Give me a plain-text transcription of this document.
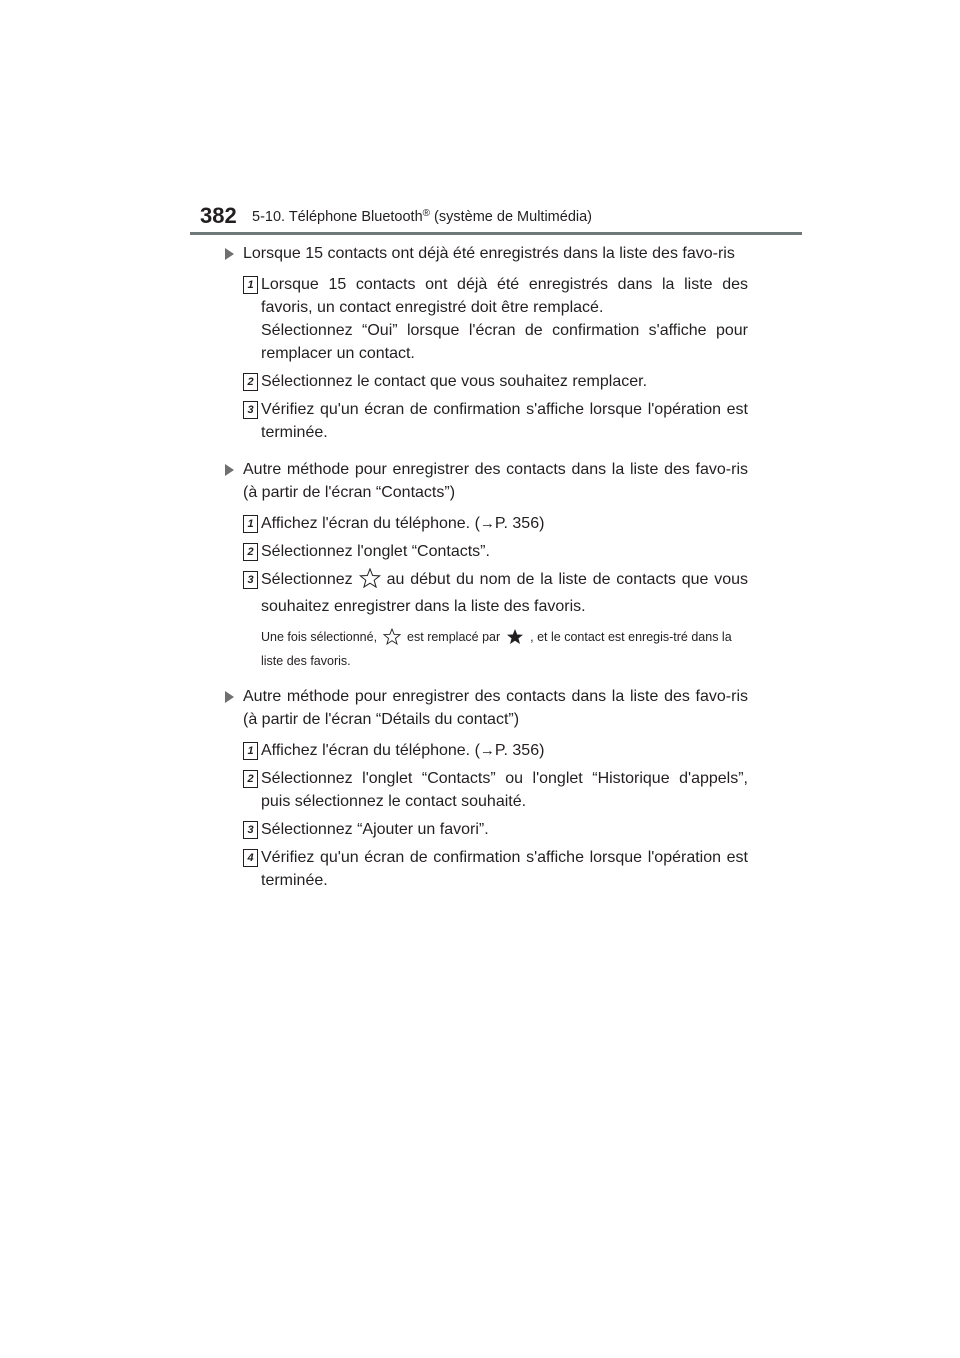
382 5-10. Téléphone Bluetooth® (système de Multimédia)
Lorsque 15 contacts ont déjà été enregistrés dans la liste des favo-ris
1 Lorsque 15 contacts ont déjà été enregistrés dans la liste des favoris, un contact enregistré doit être remplacé.

Sélectionnez “Oui” lorsque l'écran de confirmation s'affiche pour remplacer un contact.

2 Sélectionnez le contact que vous souhaitez remplacer.
3 Vérifiez qu'un écran de confirmation s'affiche lorsque l'opération est terminée.
Autre méthode pour enregistrer des contacts dans la liste des favo-ris (à partir de l'écran “Contacts”)
1 Affichez l'écran du téléphone. (→P. 356)
2 Sélectionnez l'onglet “Contacts”.
3 Sélectionnez au début du nom de la liste de contacts que vous souhaitez enregistrer dans la liste des favoris.
Une fois sélectionné, est remplacé par , et le contact est enregis-tré dans la liste des favoris.
Autre méthode pour enregistrer des contacts dans la liste des favo-ris (à partir de l'écran “Détails du contact”)
1 Affichez l'écran du téléphone. (→P. 356)
2 Sélectionnez l'onglet “Contacts” ou l'onglet “Historique d'appels”, puis sélectionnez le contact souhaité.
3 Sélectionnez “Ajouter un favori”.
4 Vérifiez qu'un écran de confirmation s'affiche lorsque l'opération est terminée.
